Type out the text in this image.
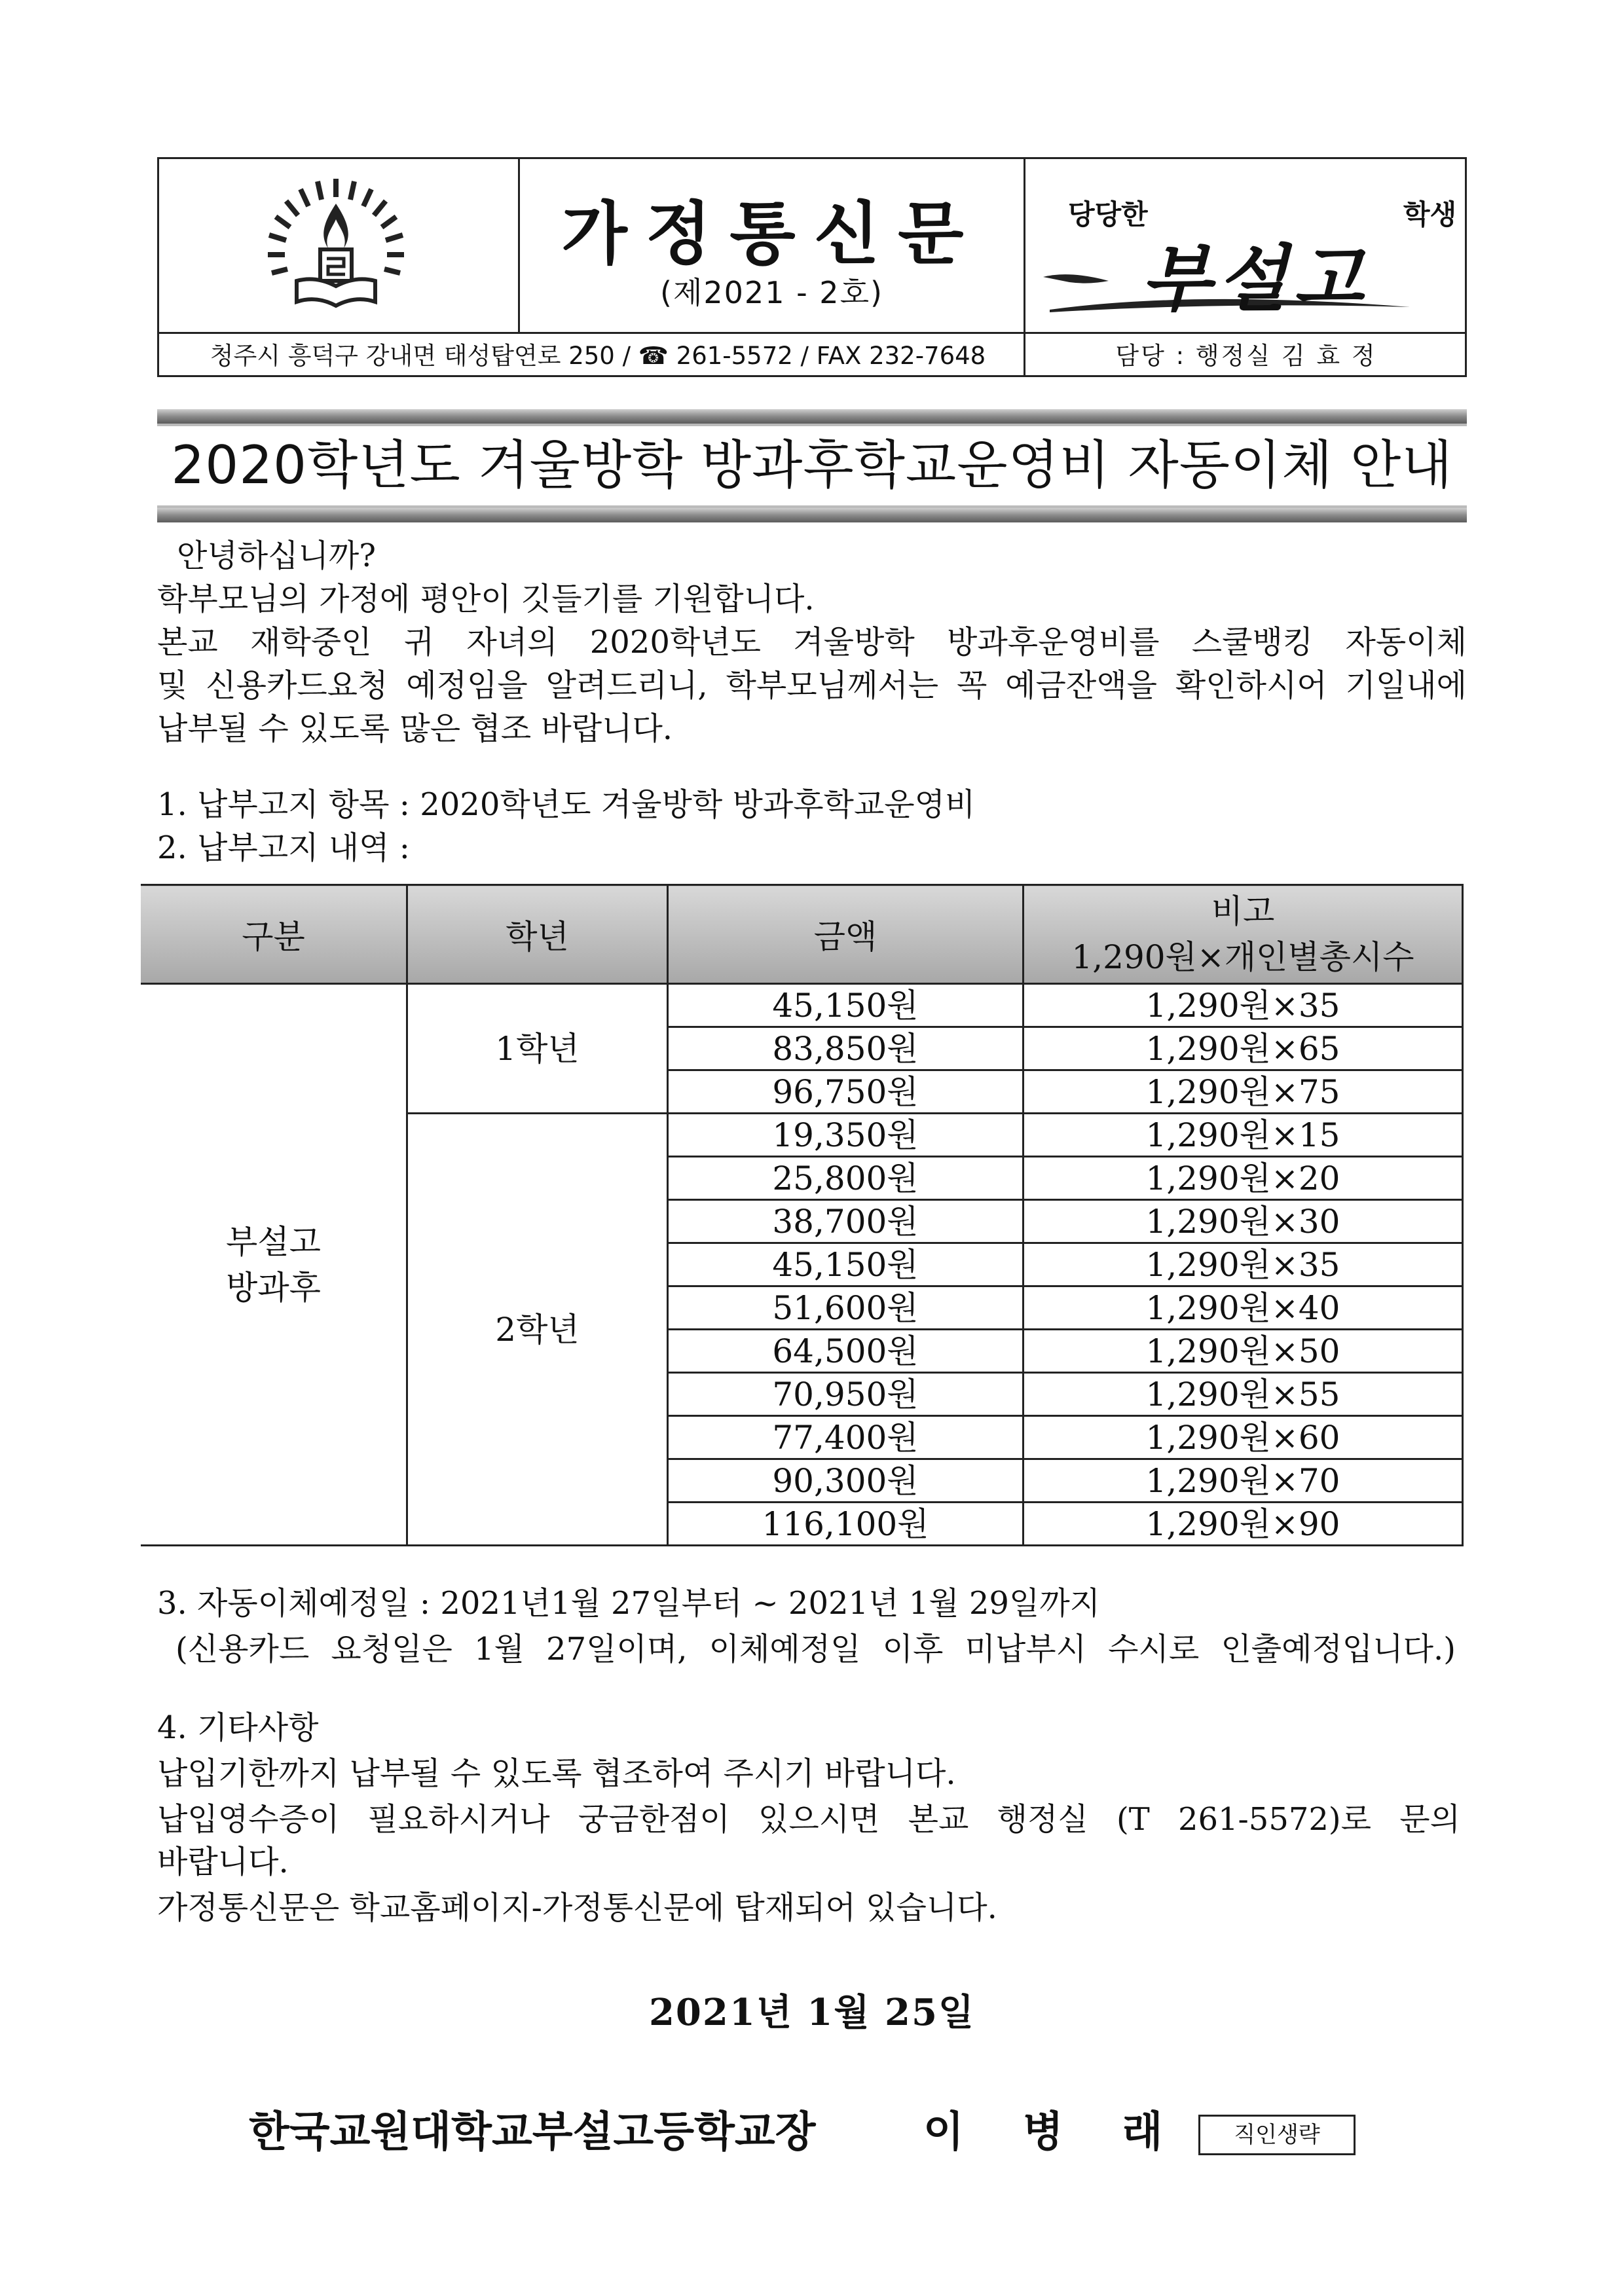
가정통신문
(제2021 - 2호)
당당한	학생
부설고
청주시 흥덕구 강내면 태성탑연로 250 / ☎ 261-5572 / FAX 232-7648	담당 : 행정실 김 효 정
2020학년도 겨울방학 방과후학교운영비 자동이체 안내
안녕하십니까?
학부모님의 가정에 평안이 깃들기를 기원합니다.
본교 재학중인 귀 자녀의 2020학년도 겨울방학 방과후운영비를 스쿨뱅킹 자동이체
및 신용카드요청 예정임을 알려드리니, 학부모님께서는 꼭 예금잔액을 확인하시어 기일내에
납부될 수 있도록 많은 협조 바랍니다.
1. 납부고지 항목 : 2020학년도 겨울방학 방과후학교운영비
2. 납부고지 내역 :
구분	학년	금액	비고
1,290원×개인별총시수

부설고
방과후	1학년	45,150원	1,290원×35
		83,850원	1,290원×65
		96,750원	1,290원×75
	2학년	19,350원	1,290원×15
		25,800원	1,290원×20
		38,700원	1,290원×30
		45,150원	1,290원×35
		51,600원	1,290원×40
		64,500원	1,290원×50
		70,950원	1,290원×55
		77,400원	1,290원×60
		90,300원	1,290원×70
		116,100원	1,290원×90
3. 자동이체예정일 : 2021년1월 27일부터 ~ 2021년 1월 29일까지
(신용카드 요청일은 1월 27일이며, 이체예정일 이후 미납부시 수시로 인출예정입니다.)
4. 기타사항
납입기한까지 납부될 수 있도록 협조하여 주시기 바랍니다.
납입영수증이 필요하시거나 궁금한점이 있으시면 본교 행정실 (T 261-5572)로 문의
바랍니다.
가정통신문은 학교홈페이지-가정통신문에 탑재되어 있습니다.
2021년 1월 25일
한국교원대학교부설고등학교장	이병래 직인생략
